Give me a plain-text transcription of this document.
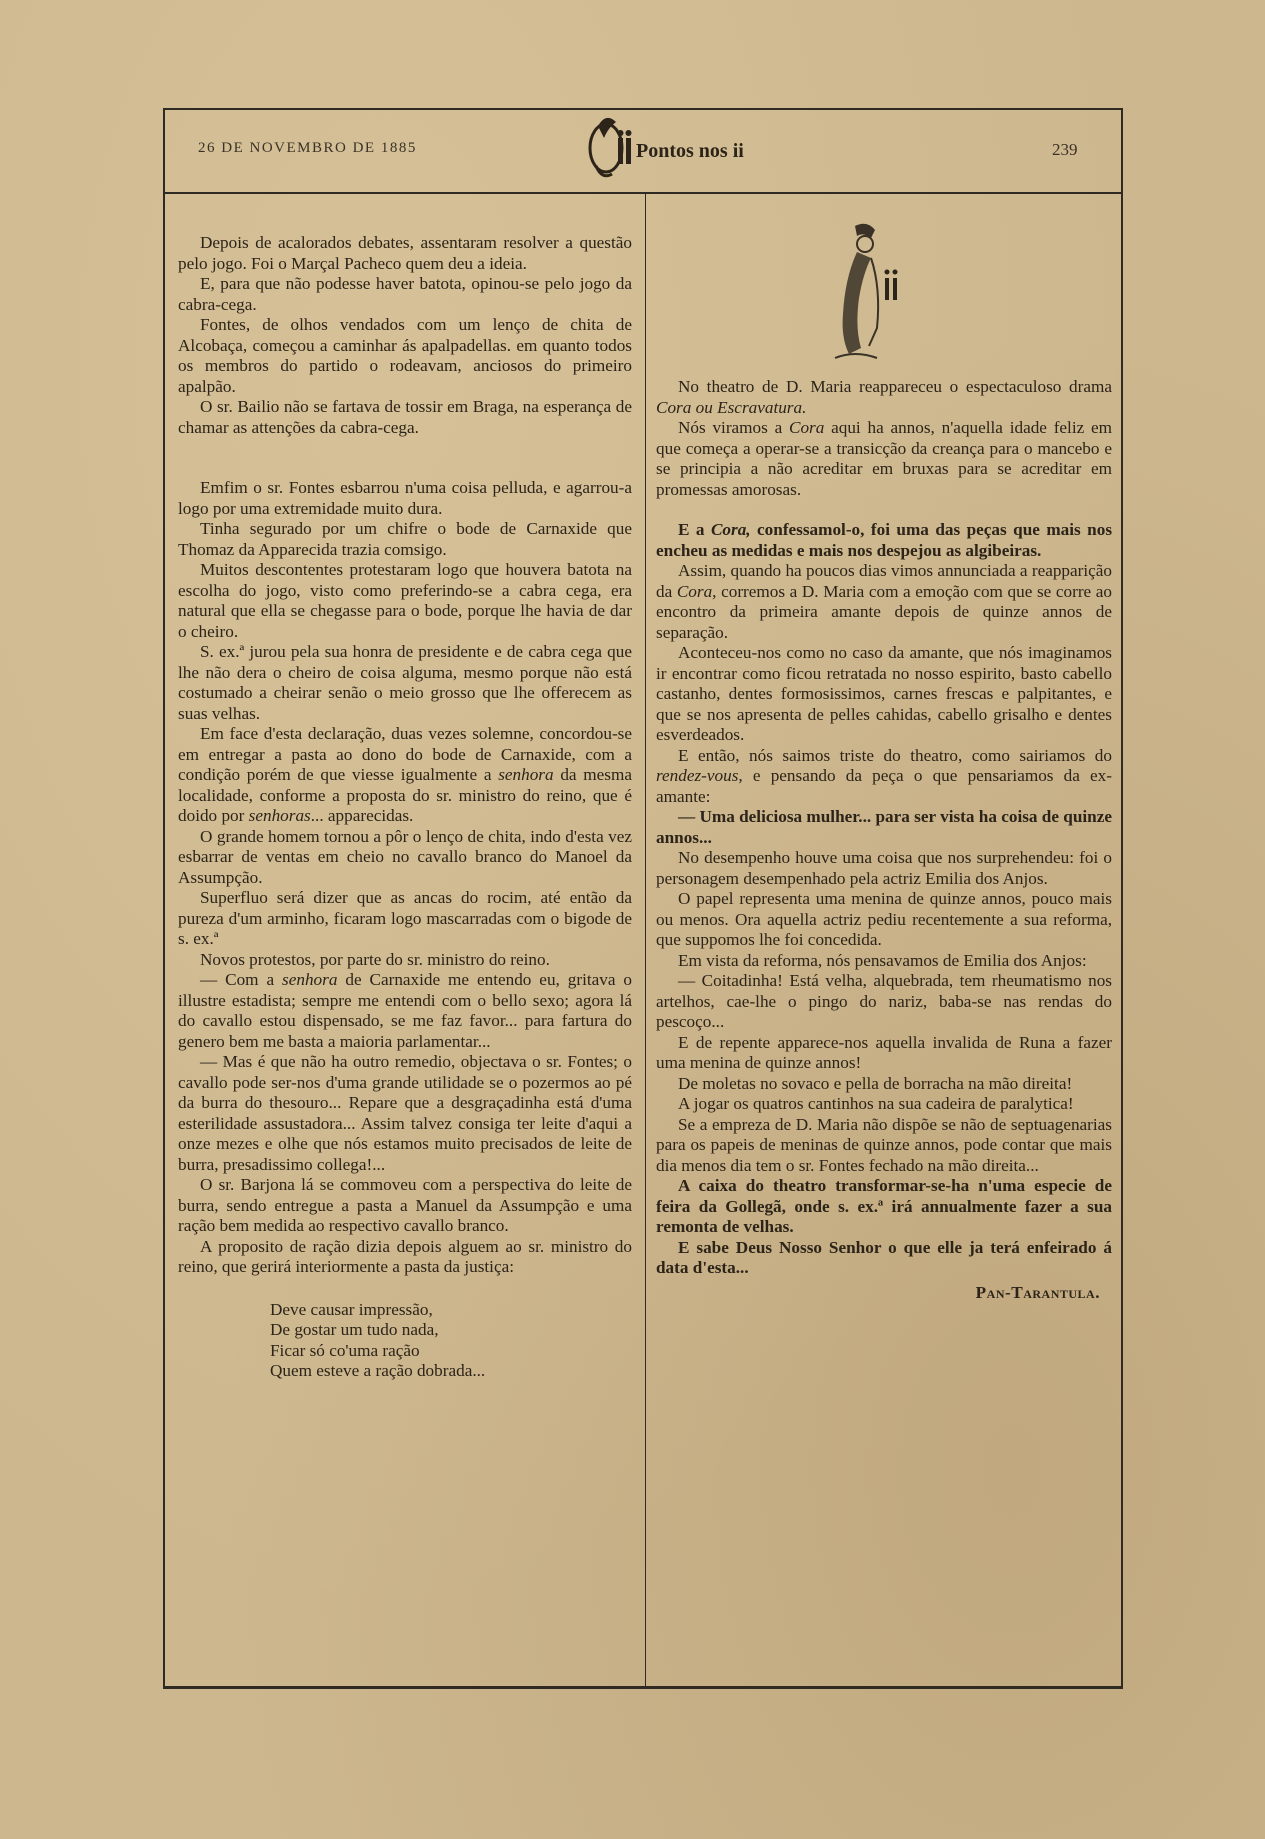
26 DE NOVEMBRO DE 1885	239
Pontos nos ii

Depois de acalorados debates, assentaram resolver a questão pelo jogo. Foi o Marçal Pacheco quem deu a ideia.

E, para que não podesse haver batota, opinou-se pelo jogo da cabra-cega.

Fontes, de olhos vendados com um lenço de chita de Alcobaça, começou a caminhar ás apalpadellas. em quanto todos os membros do partido o rodeavam, anciosos do primeiro apalpão.

O sr. Bailio não se fartava de tossir em Braga, na esperança de chamar as attenções da cabra-cega.

Emfim o sr. Fontes esbarrou n'uma coisa pelluda, e agarrou-a logo por uma extremidade muito dura.

Tinha segurado por um chifre o bode de Carnaxide que Thomaz da Apparecida trazia comsigo.

Muitos descontentes protestaram logo que houvera batota na escolha do jogo, visto como preferindo-se a cabra cega, era natural que ella se chegasse para o bode, porque lhe havia de dar o cheiro.

S. ex.ª jurou pela sua honra de presidente e de cabra cega que lhe não dera o cheiro de coisa alguma, mesmo porque não está costumado a cheirar senão o meio grosso que lhe offerecem as suas velhas.

Em face d'esta declaração, duas vezes solemne, concordou-se em entregar a pasta ao dono do bode de Carnaxide, com a condição porém de que viesse igualmente a senhora da mesma localidade, conforme a proposta do sr. ministro do reino, que é doido por senhoras... apparecidas.

O grande homem tornou a pôr o lenço de chita, indo d'esta vez esbarrar de ventas em cheio no cavallo branco do Manoel da Assumpção.

Superfluo será dizer que as ancas do rocim, até então da pureza d'um arminho, ficaram logo mascarradas com o bigode de s. ex.ª

Novos protestos, por parte do sr. ministro do reino.

— Com a senhora de Carnaxide me entendo eu, gritava o illustre estadista; sempre me entendi com o bello sexo; agora lá do cavallo estou dispensado, se me faz favor... para fartura do genero bem me basta a maioria parlamentar...

— Mas é que não ha outro remedio, objectava o sr. Fontes; o cavallo pode ser-nos d'uma grande utilidade se o pozermos ao pé da burra do thesouro... Repare que a desgraçadinha está d'uma esterilidade assustadora... Assim talvez consiga ter leite d'aqui a onze mezes e olhe que nós estamos muito precisados de leite de burra, presadissimo collega!...

O sr. Barjona lá se commoveu com a perspectiva do leite de burra, sendo entregue a pasta a Manuel da Assumpção e uma ração bem medida ao respectivo cavallo branco.

A proposito de ração dizia depois alguem ao sr. ministro do reino, que gerirá interiormente a pasta da justiça:

Deve causar impressão,
De gostar um tudo nada,
Ficar só co'uma ração
Quem esteve a ração dobrada...

No theatro de D. Maria reappareceu o espectaculoso drama Cora ou Escravatura.

Nós viramos a Cora aqui ha annos, n'aquella idade feliz em que começa a operar-se a transicção da creança para o mancebo e se principia a não acreditar em bruxas para se acreditar em promessas amorosas.

E a Cora, confessamol-o, foi uma das peças que mais nos encheu as medidas e mais nos despejou as algibeiras.

Assim, quando ha poucos dias vimos annunciada a reapparição da Cora, corremos a D. Maria com a emoção com que se corre ao encontro da primeira amante depois de quinze annos de separação.

Aconteceu-nos como no caso da amante, que nós imaginamos ir encontrar como ficou retratada no nosso espirito, basto cabello castanho, dentes formosissimos, carnes frescas e palpitantes, e que se nos apresenta de pelles cahidas, cabello grisalho e dentes esverdeados.

E então, nós saimos triste do theatro, como sairiamos do rendez-vous, e pensando da peça o que pensariamos da ex-amante:

— Uma deliciosa mulher... para ser vista ha coisa de quinze annos...

No desempenho houve uma coisa que nos surprehendeu: foi o personagem desempenhado pela actriz Emilia dos Anjos.

O papel representa uma menina de quinze annos, pouco mais ou menos. Ora aquella actriz pediu recentemente a sua reforma, que suppomos lhe foi concedida.

Em vista da reforma, nós pensavamos de Emilia dos Anjos:

— Coitadinha! Está velha, alquebrada, tem rheumatismo nos artelhos, cae-lhe o pingo do nariz, baba-se nas rendas do pescoço...

E de repente apparece-nos aquella invalida de Runa a fazer uma menina de quinze annos!

De moletas no sovaco e pella de borracha na mão direita!

A jogar os quatros cantinhos na sua cadeira de paralytica!

Se a empreza de D. Maria não dispõe se não de septuagenarias para os papeis de meninas de quinze annos, pode contar que mais dia menos dia tem o sr. Fontes fechado na mão direita...

A caixa do theatro transformar-se-ha n'uma especie de feira da Gollegã, onde s. ex.ª irá annualmente fazer a sua remonta de velhas.

E sabe Deus Nosso Senhor o que elle ja terá enfeirado á data d'esta...

Pan-Tarantula.
